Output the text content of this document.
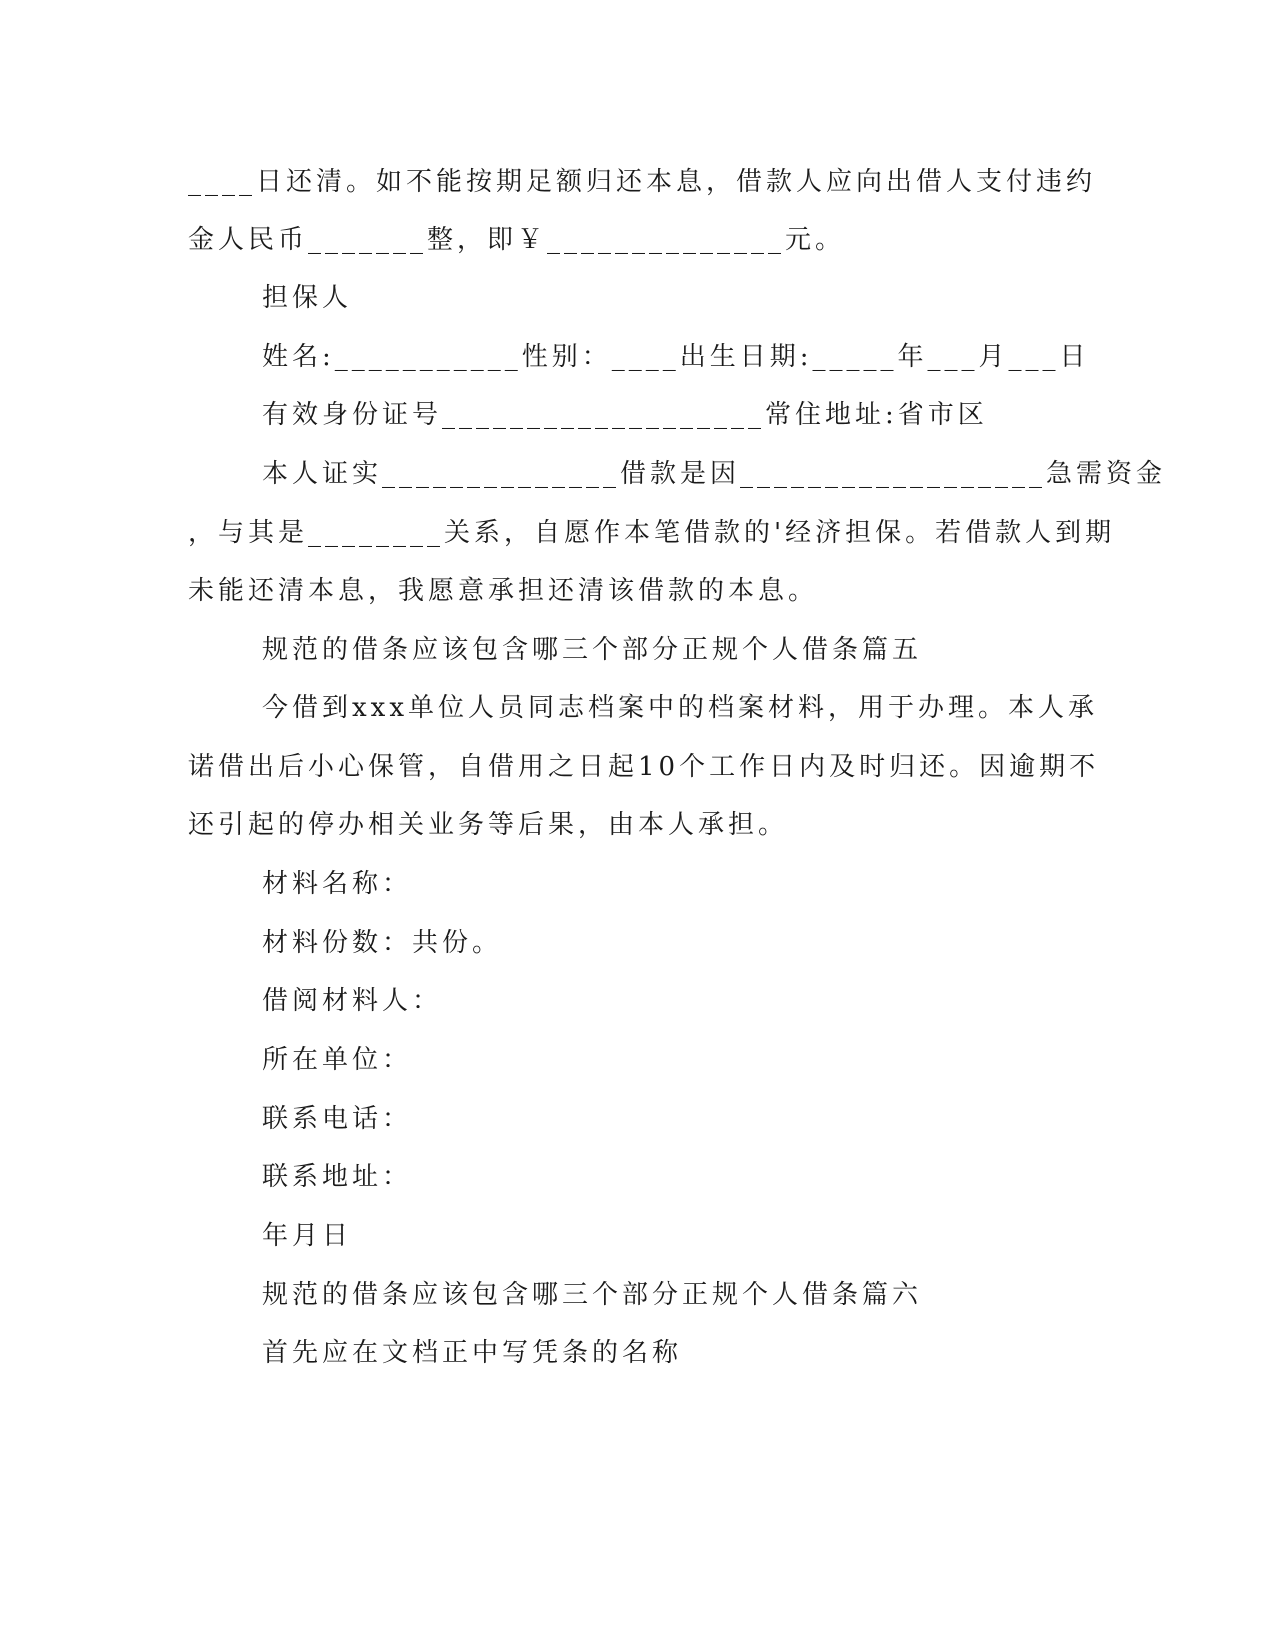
____日还清。如不能按期足额归还本息，借款人应向出借人支付违约
金人民币_______整，即￥______________元。
担保人
姓名:___________性别：____出生日期:_____年___月___日
有效身份证号___________________常住地址:省市区
本人证实______________借款是因__________________急需资金
，与其是________关系，自愿作本笔借款的'经济担保。若借款人到期
未能还清本息，我愿意承担还清该借款的本息。
规范的借条应该包含哪三个部分正规个人借条篇五
今借到xxx单位人员同志档案中的档案材料，用于办理。本人承
诺借出后小心保管，自借用之日起10个工作日内及时归还。因逾期不
还引起的停办相关业务等后果，由本人承担。
材料名称：
材料份数：共份。
借阅材料人：
所在单位：
联系电话：
联系地址：
年月日
规范的借条应该包含哪三个部分正规个人借条篇六
首先应在文档正中写凭条的名称
